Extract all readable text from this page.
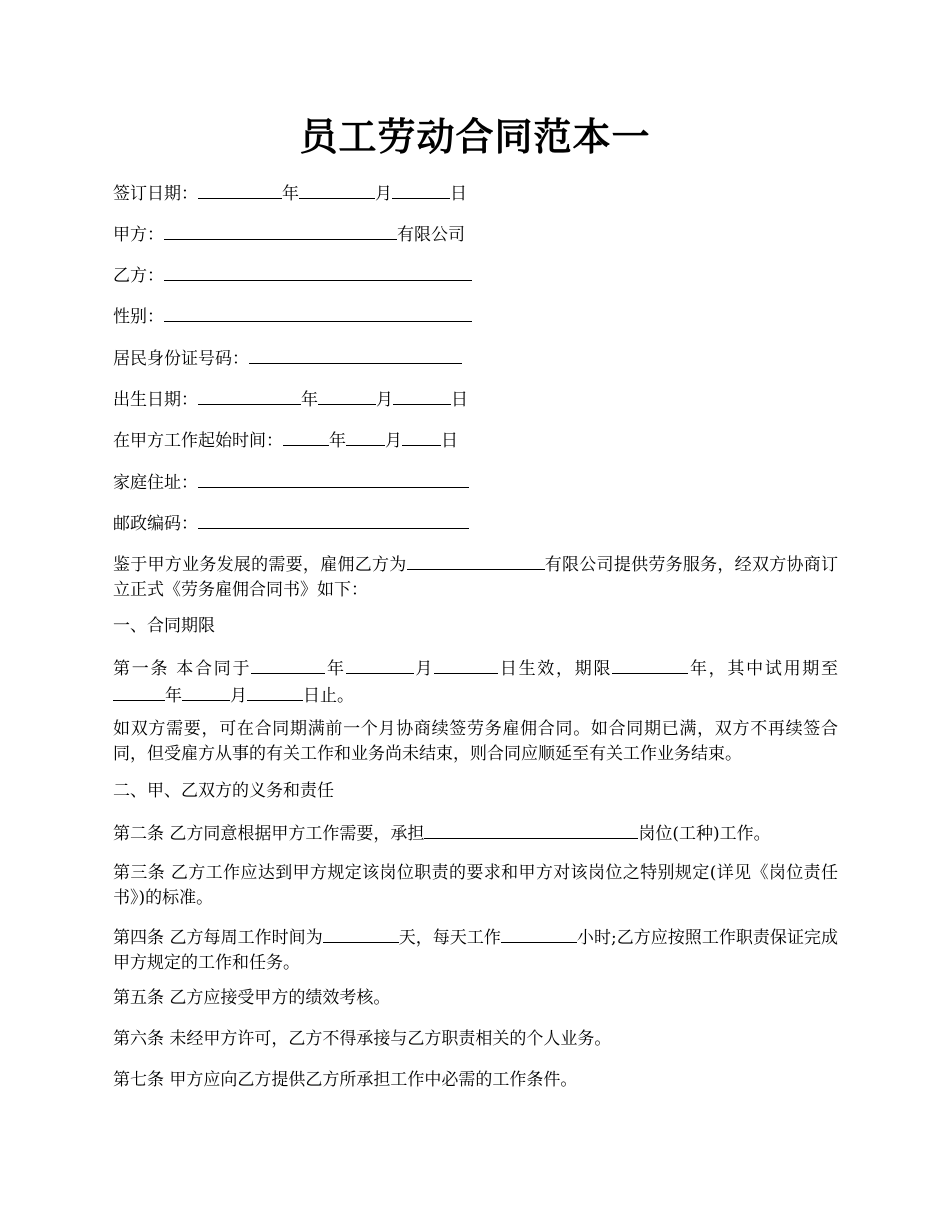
员工劳动合同范本一
签订日期：	年	月	日
甲方：	有限公司
乙方：
性别：
居民身份证号码：
出生日期：	年	月	日
在甲方工作起始时间：	年 月 日
家庭住址：
邮政编码：
鉴于甲方业务发展的需要，雇佣乙方为	有限公司提供劳务服务，经双方协商订立正式《劳务雇佣合同书》如下：
一、合同期限
第一条 本合同于	年	月	日生效，期限	年，其中试用期至年	月	日止。
如双方需要，可在合同期满前一个月协商续签劳务雇佣合同。如合同期已满，双方不再续签合同，但受雇方从事的有关工作和业务尚未结束，则合同应顺延至有关工作业务结束。
二、甲、乙双方的义务和责任
第二条 乙方同意根据甲方工作需要，承担	岗位(工种)工作。
第三条 乙方工作应达到甲方规定该岗位职责的要求和甲方对该岗位之特别规定(详见《岗位责任书》)的标准。
第四条 乙方每周工作时间为	天，每天工作	小时;乙方应按照工作职责保证完成甲方规定的工作和任务。
第五条 乙方应接受甲方的绩效考核。
第六条 未经甲方许可，乙方不得承接与乙方职责相关的个人业务。
第七条 甲方应向乙方提供乙方所承担工作中必需的工作条件。
